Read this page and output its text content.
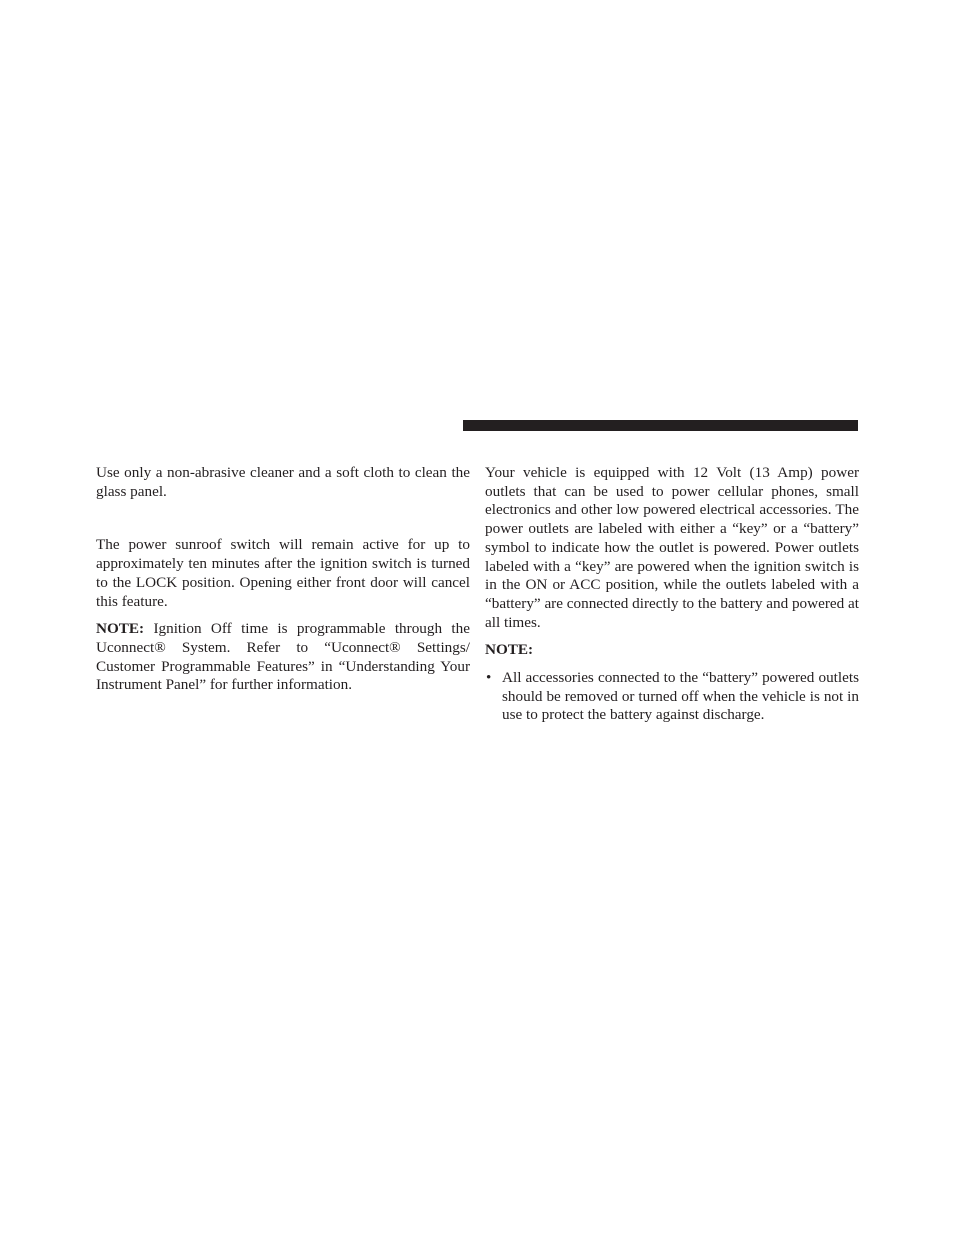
Use only a non-abrasive cleaner and a soft cloth to clean the glass panel.

The power sunroof switch will remain active for up to approximately ten minutes after the ignition switch is turned to the LOCK position. Opening either front door will cancel this feature.

NOTE: Ignition Off time is programmable through the Uconnect® System. Refer to “Uconnect® Settings/ Customer Programmable Features” in “Understanding Your Instrument Panel” for further information.

Your vehicle is equipped with 12 Volt (13 Amp) power outlets that can be used to power cellular phones, small electronics and other low powered electrical accessories. The power outlets are labeled with either a “key” or a “battery” symbol to indicate how the outlet is powered. Power outlets labeled with a “key” are powered when the ignition switch is in the ON or ACC position, while the outlets labeled with a “battery” are connected directly to the battery and powered at all times.

NOTE:

• All accessories connected to the “battery” powered outlets should be removed or turned off when the vehicle is not in use to protect the battery against discharge.
